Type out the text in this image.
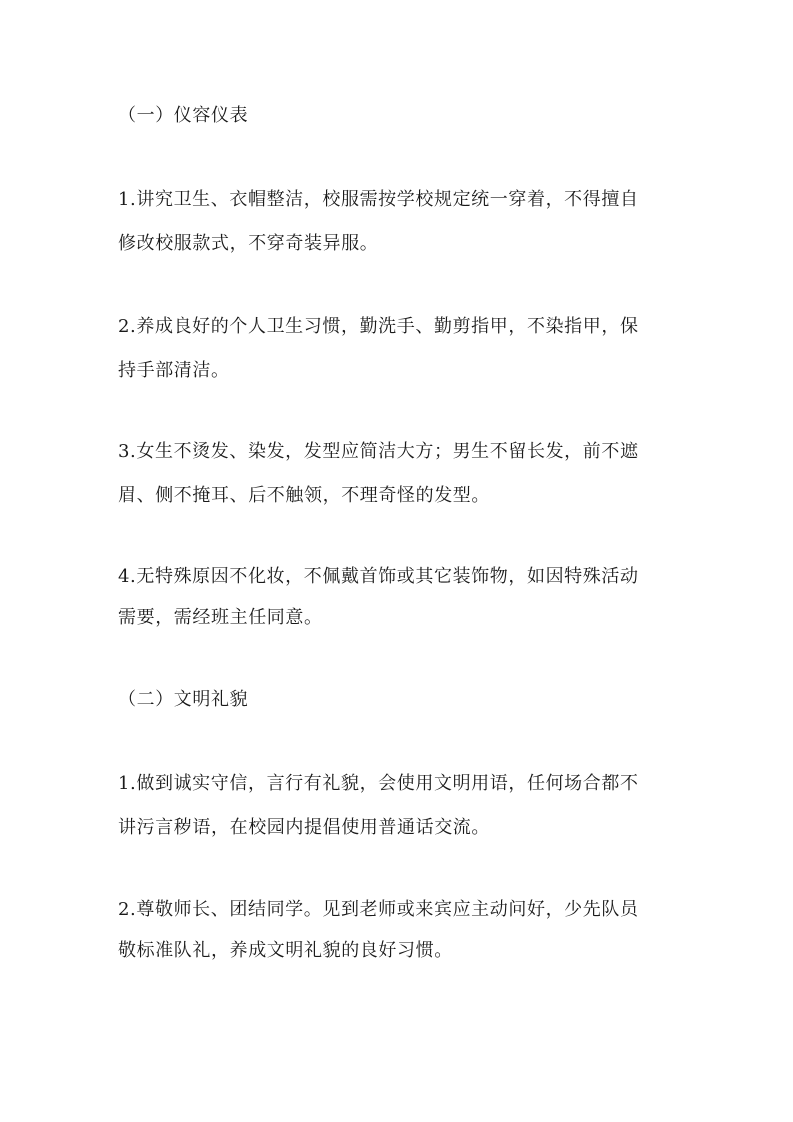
（一）仪容仪表
1.讲究卫生、衣帽整洁，校服需按学校规定统一穿着，不得擅自
修改校服款式，不穿奇装异服。
2.养成良好的个人卫生习惯，勤洗手、勤剪指甲，不染指甲，保
持手部清洁。
3.女生不烫发、染发，发型应简洁大方；男生不留长发，前不遮
眉、侧不掩耳、后不触领，不理奇怪的发型。
4.无特殊原因不化妆，不佩戴首饰或其它装饰物，如因特殊活动
需要，需经班主任同意。
（二）文明礼貌
1.做到诚实守信，言行有礼貌，会使用文明用语，任何场合都不
讲污言秽语，在校园内提倡使用普通话交流。
2.尊敬师长、团结同学。见到老师或来宾应主动问好，少先队员
敬标准队礼，养成文明礼貌的良好习惯。
